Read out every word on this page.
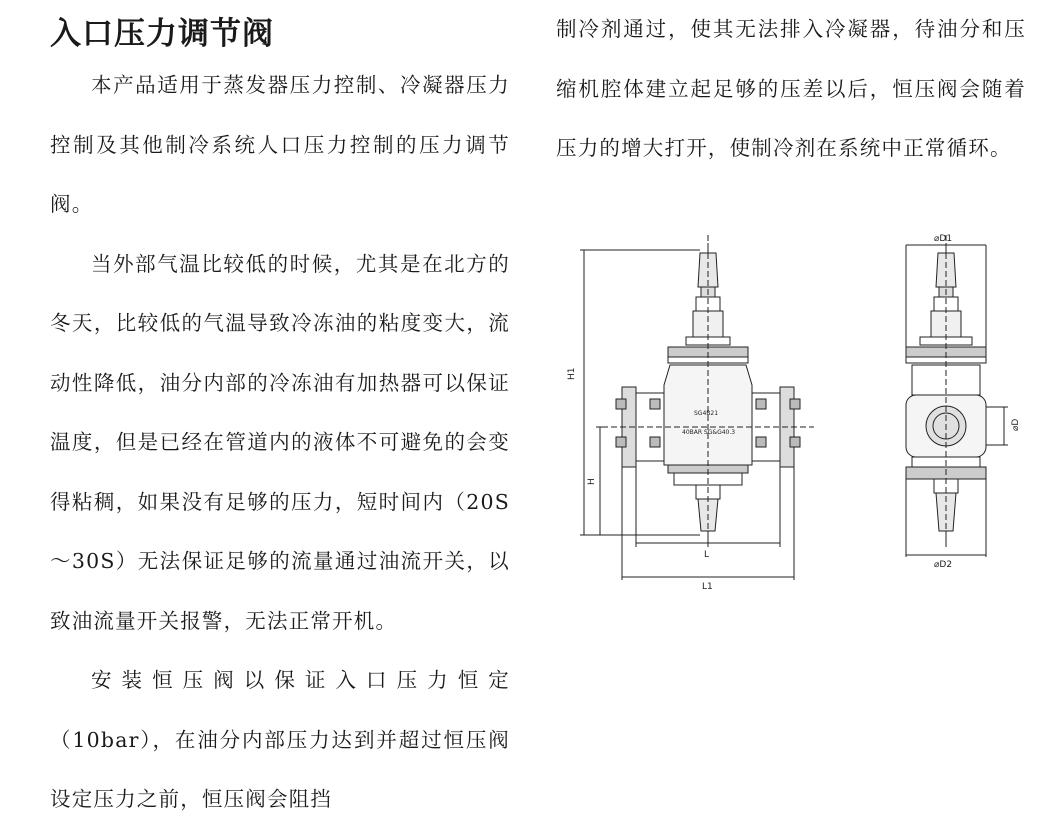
入口压力调节阀

本产品适用于蒸发器压力控制、冷凝器压力控制及其他制冷系统人口压力控制的压力调节阀。

当外部气温比较低的时候，尤其是在北方的冬天，比较低的气温导致冷冻油的粘度变大，流动性降低，油分内部的冷冻油有加热器可以保证温度，但是已经在管道内的液体不可避免的会变得粘稠，如果没有足够的压力，短时间内（20S～30S）无法保证足够的流量通过油流开关，以致油流量开关报警，无法正常开机。

安装恒压阀以保证入口压力恒定（10bar），在油分内部压力达到并超过恒压阀设定压力之前，恒压阀会阻挡

制冷剂通过，使其无法排入冷凝器，待油分和压缩机腔体建立起足够的压差以后，恒压阀会随着压力的增大打开，使制冷剂在系统中正常循环。

H1
H
L
L1
SG4B21
40BAR SG&G40.3
⌀D1
⌀D
⌀D2
